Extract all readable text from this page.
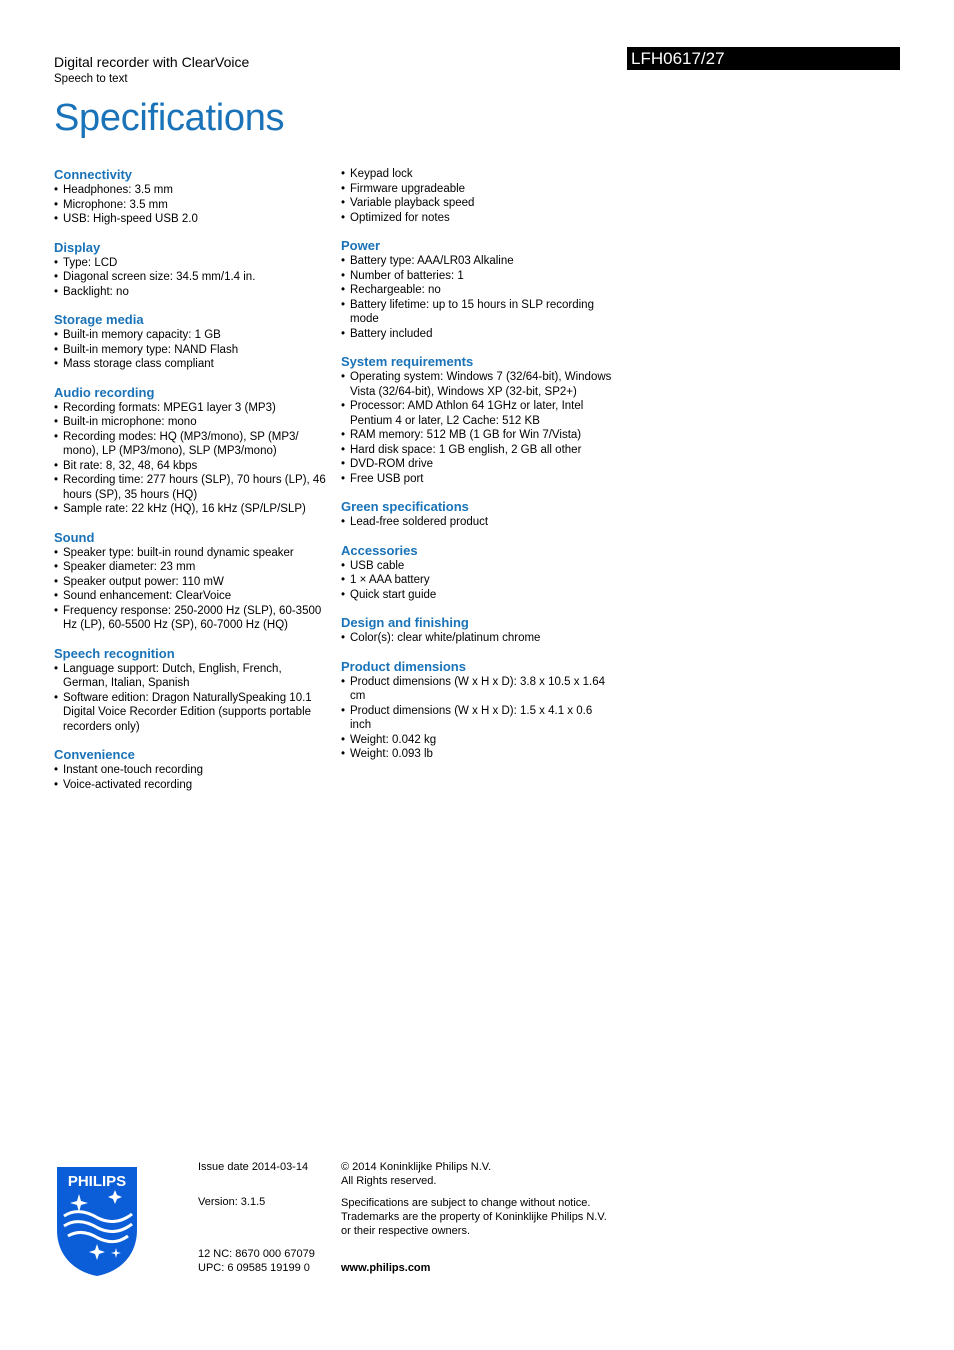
Digital recorder with ClearVoice
Speech to text
Specifications
LFH0617/27
Connectivity
• Headphones: 3.5 mm
• Microphone: 3.5 mm
• USB: High-speed USB 2.0
Display
• Type: LCD
• Diagonal screen size: 34.5 mm/1.4 in.
• Backlight: no
Storage media
• Built-in memory capacity: 1 GB
• Built-in memory type: NAND Flash
• Mass storage class compliant
Audio recording
• Recording formats: MPEG1 layer 3 (MP3)
• Built-in microphone: mono
• Recording modes: HQ (MP3/mono), SP (MP3/ mono), LP (MP3/mono), SLP (MP3/mono)
• Bit rate: 8, 32, 48, 64 kbps
• Recording time: 277 hours (SLP), 70 hours (LP), 46 hours (SP), 35 hours (HQ)
• Sample rate: 22 kHz (HQ), 16 kHz (SP/LP/SLP)
Sound
• Speaker type: built-in round dynamic speaker
• Speaker diameter: 23 mm
• Speaker output power: 110 mW
• Sound enhancement: ClearVoice
• Frequency response: 250-2000 Hz (SLP), 60-3500 Hz (LP), 60-5500 Hz (SP), 60-7000 Hz (HQ)
Speech recognition
• Language support: Dutch, English, French, German, Italian, Spanish
• Software edition: Dragon NaturallySpeaking 10.1 Digital Voice Recorder Edition (supports portable recorders only)
Convenience
• Instant one-touch recording
• Voice-activated recording
• Keypad lock
• Firmware upgradeable
• Variable playback speed
• Optimized for notes
Power
• Battery type: AAA/LR03 Alkaline
• Number of batteries: 1
• Rechargeable: no
• Battery lifetime: up to 15 hours in SLP recording mode
• Battery included
System requirements
• Operating system: Windows 7 (32/64-bit), Windows Vista (32/64-bit), Windows XP (32-bit, SP2+)
• Processor: AMD Athlon 64 1GHz or later, Intel Pentium 4 or later, L2 Cache: 512 KB
• RAM memory: 512 MB (1 GB for Win 7/Vista)
• Hard disk space: 1 GB english, 2 GB all other
• DVD-ROM drive
• Free USB port
Green specifications
• Lead-free soldered product
Accessories
• USB cable
• 1 × AAA battery
• Quick start guide
Design and finishing
• Color(s): clear white/platinum chrome
Product dimensions
• Product dimensions (W x H x D): 3.8 x 10.5 x 1.64 cm
• Product dimensions (W x H x D): 1.5 x 4.1 x 0.6 inch
• Weight: 0.042 kg
• Weight: 0.093 lb
PHILIPS
Issue date 2014-03-14
Version: 3.1.5
12 NC: 8670 000 67079
UPC: 6 09585 19199 0
© 2014 Koninklijke Philips N.V.
All Rights reserved.
Specifications are subject to change without notice.
Trademarks are the property of Koninklijke Philips N.V.
or their respective owners.
www.philips.com
